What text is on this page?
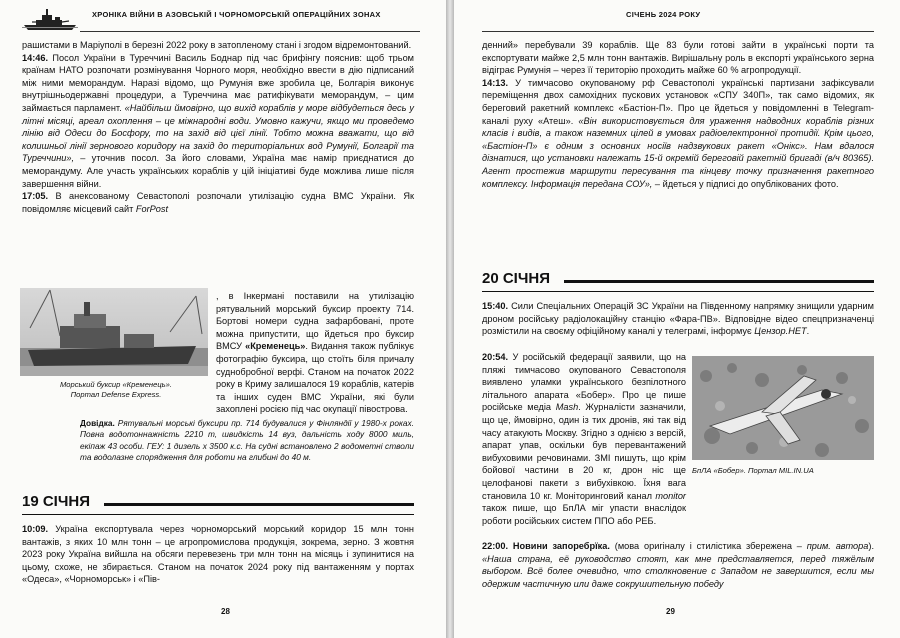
ХРОНІКА ВІЙНИ В АЗОВСЬКІЙ І ЧОРНОМОРСЬКІЙ ОПЕРАЦІЙНИХ ЗОНАХ

рашистами в Маріуполі в березні 2022 року в затопленому стані і згодом відремонтований.

14:46. Посол України в Туреччині Василь Боднар під час брифінгу пояснив: щоб трьом країнам НАТО розпочати розмінування Чорного моря, необхідно ввести в дію підписаний між ними меморандум. Наразі відомо, що Румунія вже зробила це, Болгарія виконує внутрішньодержавні процедури, а Туреччина має ратифікувати меморандум, – цим займається парламент. «Найбільш ймовірно, що вихід кораблів у море відбудеться десь у літні місяці, ареал охоплення – це міжнародні води. Умовно кажучи, якщо ми проведемо лінію від Одеси до Босфору, то на захід від цієї лінії. Тобто можна вважати, що від колишньої лінії зернового коридору на захід до територіальних вод Румунії, Болгарії та Туреччини», – уточнив посол. За його словами, Україна має намір приєднатися до меморандуму. Але участь українських кораблів у цій ініціативі буде можлива лише після завершення війни.

17:05. В анексованому Севастополі розпочали утилізацію судна ВМС України. Як повідомляє місцевий сайт ForPost

Морський буксир «Кременець».
Портал Defense Express.

, в Інкермані поставили на утилізацію рятувальний морський буксир проекту 714. Бортові номери судна зафарбовані, проте можна припустити, що йдеться про буксир ВМСУ «Кременець». Видання також публікує фотографію буксира, що стоїть біля причалу суднобробної верфі. Станом на початок 2022 року в Криму залишалося 19 кораблів, катерів та інших суден ВМС України, які були захоплені росією під час окупації півострова.

Довідка. Рятувальні морські буксири пр. 714 будувалися у Фінляндії у 1980-х роках. Повна водотоннажність 2210 т, швидкість 14 вуз, дальність ходу 8000 миль, екіпаж 43 особи. ГЕУ: 1 дизель х 3500 к.с. На судні встановлено 2 водометні стволи та водолазне спорядження для роботи на глибині до 40 м.
19 СІЧНЯ

10:09. Україна експортувала через чорноморський морський коридор 15 млн тонн вантажів, з яких 10 млн тонн – це агропромислова продукція, зокрема, зерно. З жовтня 2023 року Україна вийшла на обсяги перевезень три млн тонн на місяць і зупинитися на цьому, схоже, не збирається. Станом на початок 2024 року під вантаженням у портах «Одеса», «Чорноморськ» і «Пів-

28
СІЧЕНЬ 2024 РОКУ

денний» перебували 39 кораблів. Ще 83 були готові зайти в українські порти та експортувати майже 2,5 млн тонн вантажів. Вирішальну роль в експорті українського зерна відіграє Румунія – через її територію проходить майже 60 % агропродукції.

14:13. У тимчасово окупованому рф Севастополі українські партизани зафіксували переміщення двох самохідних пускових установок «СПУ 340П», так само відомих, як береговий ракетний комплекс «Бастіон-П». Про це йдеться у повідомленні в Telegram-каналі руху «Атеш». «Він використовується для ураження надводних кораблів різних класів і видів, а також наземних цілей в умовах радіоелектронної протидії. Крім цього, «Бастіон-П» є одним з основних носіїв надзвукових ракет «Онікс». Нам вдалося дізнатися, що установки належать 15-й окремій береговій ракетній бригаді (в/ч 80365). Агент простежив маршрути пересування та кінцеву точку призначення ракетного комплексу. Інформація передана СОУ», – йдеться у підписі до опублікованих фото.

20 СІЧНЯ

15:40. Сили Спеціальних Операцій ЗС України на Південному напрямку знищили ударним дроном російську радіолокаційну станцію «Фара-ПВ». Відповідне відео спецпризначенці розмістили на своєму офіційному каналі у телеграмі, інформує Цензор.НЕТ.

20:54. У російській федерації заявили, що на пляжі тимчасово окупованого Севастополя виявлено уламки українського безпілотного літального апарата «Бобер». Про це пише російське медіа Mash. Журналісти зазначили, що це, ймовірно, один із тих дронів, які так від часу атакують Москву. Згідно з однією з версій, апарат упав, оскільки був перевантажений вибуховими речовинами. ЗМІ пишуть, що крім бойової частини в 20 кг, дрон ніс ще целофанові пакети з вибухівкою. Їхня вага становила 10 кг. Моніторинговий канал monitor також пише, що БпЛА міг упасти внаслідок роботи російських систем ППО або РЕБ.

БпЛА «Бобер». Портал MIL.IN.UA

22:00. Новини запоребрїка. (мова оригіналу і стилістика збережена – прим. автора). «Наша страна, её руководство стоят, как мне представляется, перед тяжёлым выбором. Всё более очевидно, что столкновение с Западом не завершится, если мы одержим частичную или даже сокрушительную победу

29
